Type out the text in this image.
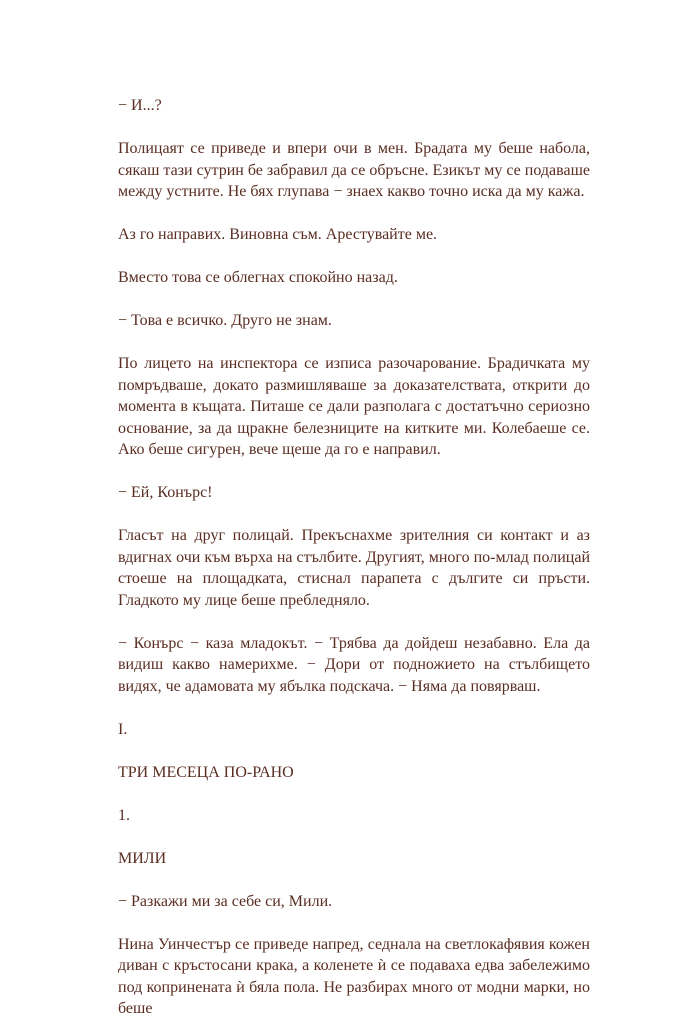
− И...?

Полицаят се приведе и впери очи в мен. Брадата му беше набола, сякаш тази сутрин бе забравил да се обръсне. Езикът му се подаваше между устните. Не бях глупава − знаех какво точно иска да му кажа.

Аз го направих. Виновна съм. Арестувайте ме.

Вместо това се облегнах спокойно назад.

− Това е всичко. Друго не знам.

По лицето на инспектора се изписа разочарование. Брадичката му помръдваше, докато размишляваше за доказателствата, открити до момента в къщата. Питаше се дали разполага с достатъчно сериозно основание, за да щракне белезниците на китките ми. Колебаеше се. Ако беше сигурен, вече щеше да го е направил.

− Ей, Конърс!

Гласът на друг полицай. Прекъснахме зрителния си контакт и аз вдигнах очи към върха на стълбите. Другият, много по-млад полицай стоеше на площадката, стиснал парапета с дългите си пръсти. Гладкото му лице беше пребледняло.

− Конърс − каза младокът. − Трябва да дойдеш незабавно. Ела да видиш какво намерихме. − Дори от подножието на стълбището видях, че адамовата му ябълка подскача. − Няма да повярваш.

I.

ТРИ МЕСЕЦА ПО-РАНО

1.

МИЛИ

− Разкажи ми за себе си, Мили.

Нина Уинчестър се приведе напред, седнала на светлокафявия кожен диван с кръстосани крака, а коленете ѝ се подаваха едва забележимо под копринената ѝ бяла пола. Не разбирах много от модни марки, но беше
